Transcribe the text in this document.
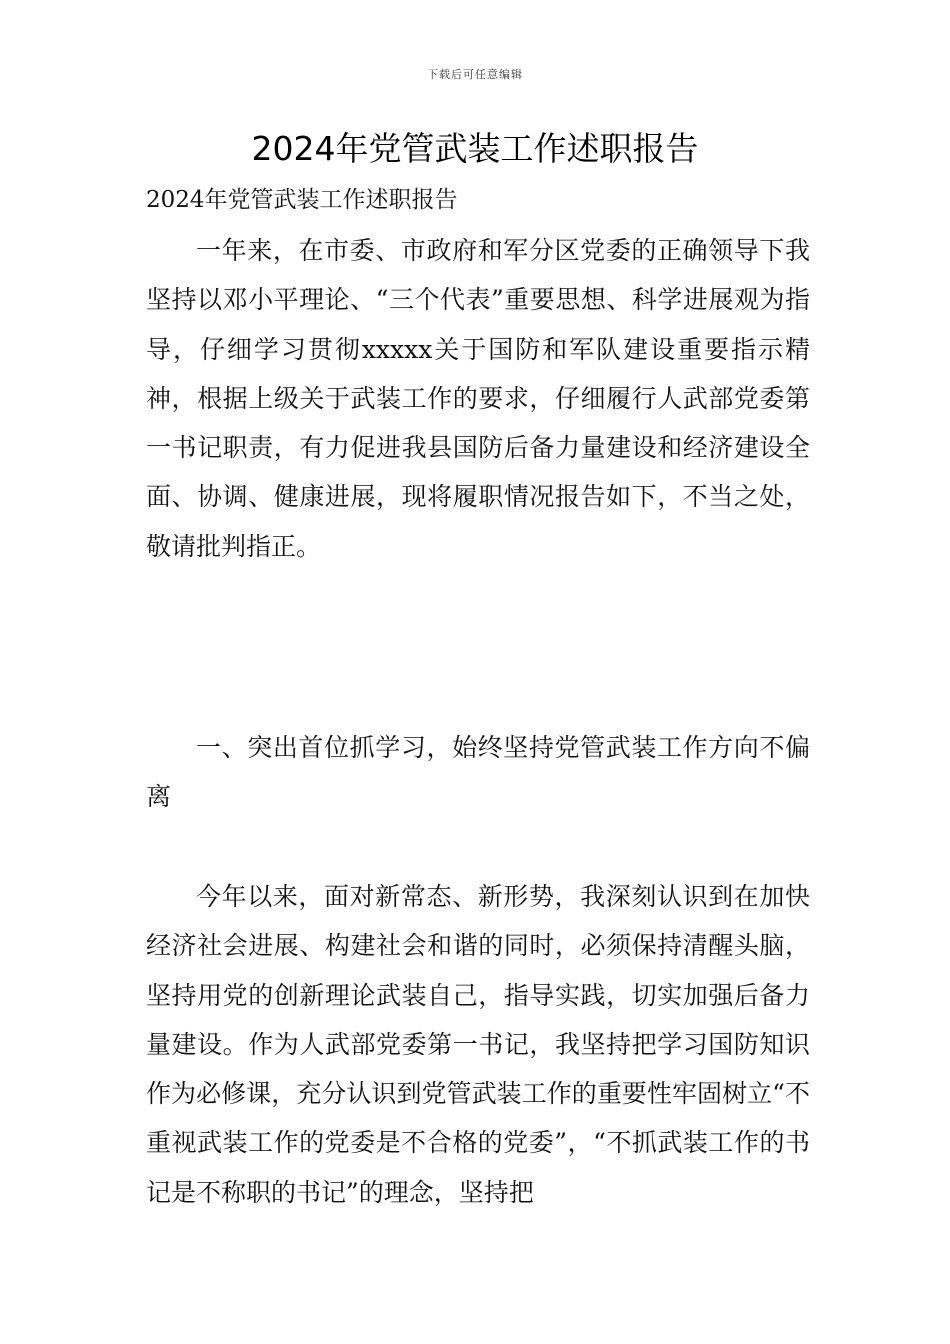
下载后可任意编辑
2024年党管武装工作述职报告
2024年党管武装工作述职报告

一年来，在市委、市政府和军分区党委的正确领导下我坚持以邓小平理论、“三个代表”重要思想、科学进展观为指导，仔细学习贯彻xxxxx关于国防和军队建设重要指示精神，根据上级关于武装工作的要求，仔细履行人武部党委第一书记职责，有力促进我县国防后备力量建设和经济建设全面、协调、健康进展，现将履职情况报告如下，不当之处，敬请批判指正。

一、突出首位抓学习，始终坚持党管武装工作方向不偏离

今年以来，面对新常态、新形势，我深刻认识到在加快经济社会进展、构建社会和谐的同时，必须保持清醒头脑，坚持用党的创新理论武装自己，指导实践，切实加强后备力量建设。作为人武部党委第一书记，我坚持把学习国防知识作为必修课，充分认识到党管武装工作的重要性牢固树立“不重视武装工作的党委是不合格的党委”，“不抓武装工作的书记是不称职的书记”的理念，坚持把
